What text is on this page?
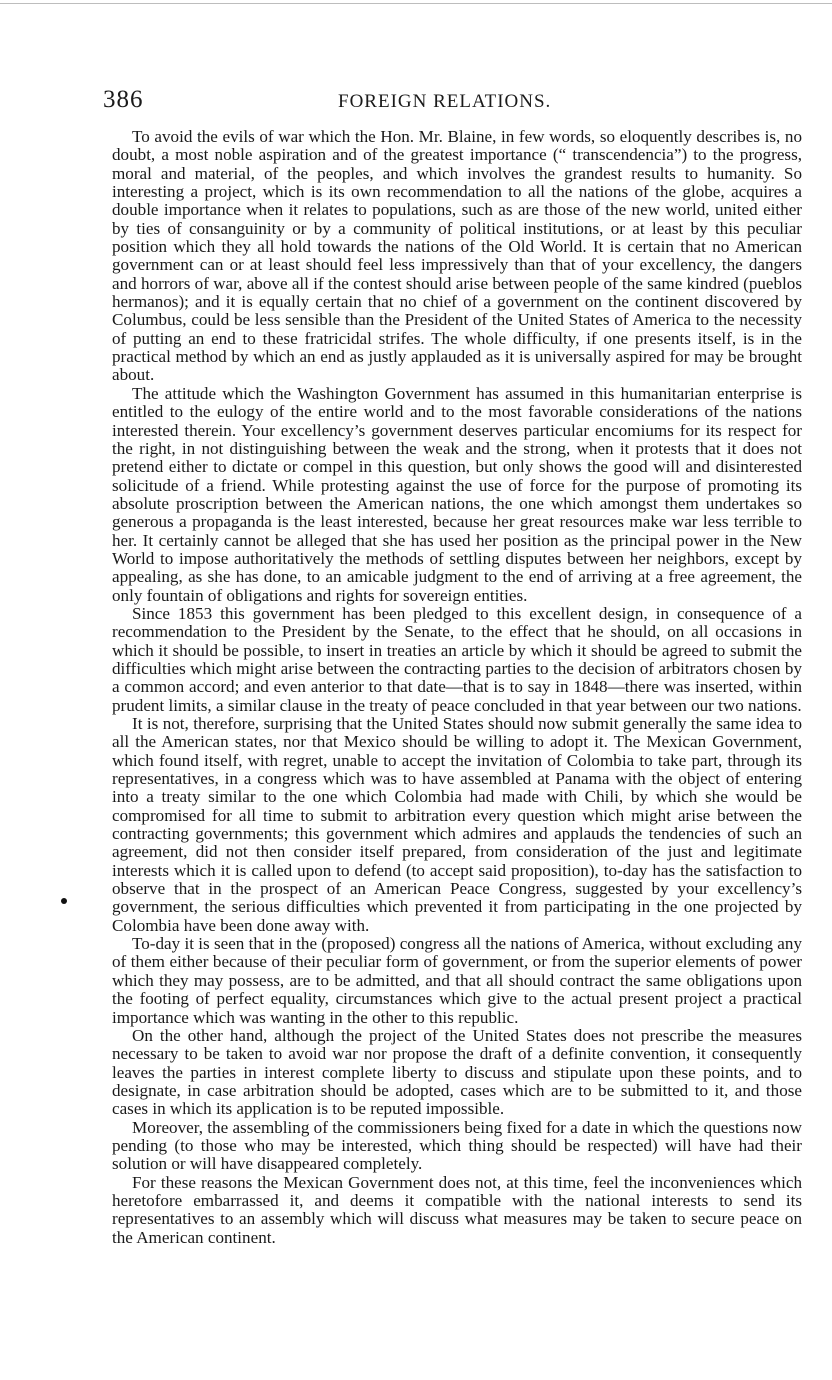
386	FOREIGN RELATIONS.

To avoid the evils of war which the Hon. Mr. Blaine, in few words, so eloquently describes is, no doubt, a most noble aspiration and of the greatest importance (“ transcendencia”) to the progress, moral and material, of the peoples, and which involves the grandest results to humanity. So interesting a project, which is its own recommendation to all the nations of the globe, acquires a double importance when it relates to populations, such as are those of the new world, united either by ties of consanguinity or by a community of political institutions, or at least by this peculiar position which they all hold towards the nations of the Old World. It is certain that no American government can or at least should feel less impressively than that of your excellency, the dangers and horrors of war, above all if the contest should arise between people of the same kindred (pueblos hermanos); and it is equally certain that no chief of a government on the continent discovered by Columbus, could be less sensible than the President of the United States of America to the necessity of putting an end to these fratricidal strifes. The whole difficulty, if one presents itself, is in the practical method by which an end as justly applauded as it is universally aspired for may be brought about.

The attitude which the Washington Government has assumed in this humanitarian enterprise is entitled to the eulogy of the entire world and to the most favorable considerations of the nations interested therein. Your excellency’s government deserves particular encomiums for its respect for the right, in not distinguishing between the weak and the strong, when it protests that it does not pretend either to dictate or compel in this question, but only shows the good will and disinterested solicitude of a friend. While protesting against the use of force for the purpose of promoting its absolute proscription between the American nations, the one which amongst them undertakes so generous a propaganda is the least interested, because her great resources make war less terrible to her. It certainly cannot be alleged that she has used her position as the principal power in the New World to impose authoritatively the methods of settling disputes between her neighbors, except by appealing, as she has done, to an amicable judgment to the end of arriving at a free agreement, the only fountain of obligations and rights for sovereign entities.

Since 1853 this government has been pledged to this excellent design, in consequence of a recommendation to the President by the Senate, to the effect that he should, on all occasions in which it should be possible, to insert in treaties an article by which it should be agreed to submit the difficulties which might arise between the contracting parties to the decision of arbitrators chosen by a common accord; and even anterior to that date—that is to say in 1848—there was inserted, within prudent limits, a similar clause in the treaty of peace concluded in that year between our two nations.

It is not, therefore, surprising that the United States should now submit generally the same idea to all the American states, nor that Mexico should be willing to adopt it. The Mexican Government, which found itself, with regret, unable to accept the invitation of Colombia to take part, through its representatives, in a congress which was to have assembled at Panama with the object of entering into a treaty similar to the one which Colombia had made with Chili, by which she would be compromised for all time to submit to arbitration every question which might arise between the contracting governments; this government which admires and applauds the tendencies of such an agreement, did not then consider itself prepared, from consideration of the just and legitimate interests which it is called upon to defend (to accept said proposition), to-day has the satisfaction to observe that in the prospect of an American Peace Congress, suggested by your excellency’s government, the serious difficulties which prevented it from participating in the one projected by Colombia have been done away with.

To-day it is seen that in the (proposed) congress all the nations of America, without excluding any of them either because of their peculiar form of government, or from the superior elements of power which they may possess, are to be admitted, and that all should contract the same obligations upon the footing of perfect equality, circumstances which give to the actual present project a practical importance which was wanting in the other to this republic.

On the other hand, although the project of the United States does not prescribe the measures necessary to be taken to avoid war nor propose the draft of a definite convention, it consequently leaves the parties in interest complete liberty to discuss and stipulate upon these points, and to designate, in case arbitration should be adopted, cases which are to be submitted to it, and those cases in which its application is to be reputed impossible.

Moreover, the assembling of the commissioners being fixed for a date in which the questions now pending (to those who may be interested, which thing should be respected) will have had their solution or will have disappeared completely.

For these reasons the Mexican Government does not, at this time, feel the inconveniences which heretofore embarrassed it, and deems it compatible with the national interests to send its representatives to an assembly which will discuss what measures may be taken to secure peace on the American continent.
